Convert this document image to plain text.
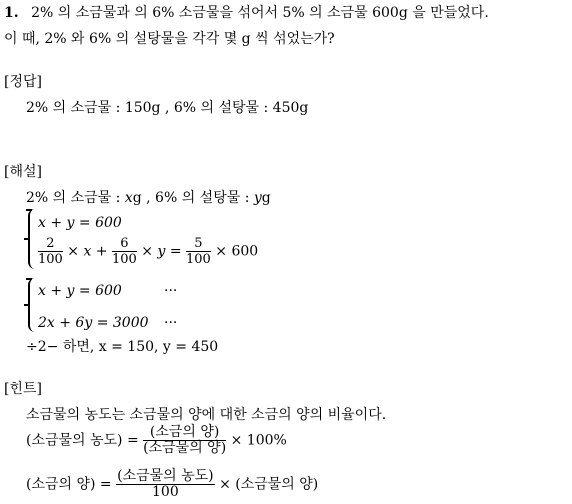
1. 2% 의 소금물과 의 6% 소금물을 섞어서 5% 의 소금물 600g 을 만들었다.
이 때, 2% 와 6% 의 설탕물을 각각 몇 g 씩 섞었는가?
[정답]
2% 의 소금물 : 150g , 6% 의 설탕물 : 450g
[해설]
2% 의 소금물 : xg , 6% 의 설탕물 : yg
x + y = 600
$\frac{2}{100} \times x + \frac{6}{100} \times y = \frac{5}{100} \times 600$
x + y = 600	···
2x + 6y = 3000 ···
÷2− 하면, x = 150, y = 450
[힌트]
소금물의 농도는 소금물의 양에 대한 소금의 양의 비율이다.
(소금물의 농도) = $\frac{\text{(소금의 양)}}{\text{(소금물의 양)}} \times 100\%$
(소금의 양) = $\frac{\text{(소금물의 농도)}}{100}$ × (소금물의 양)
